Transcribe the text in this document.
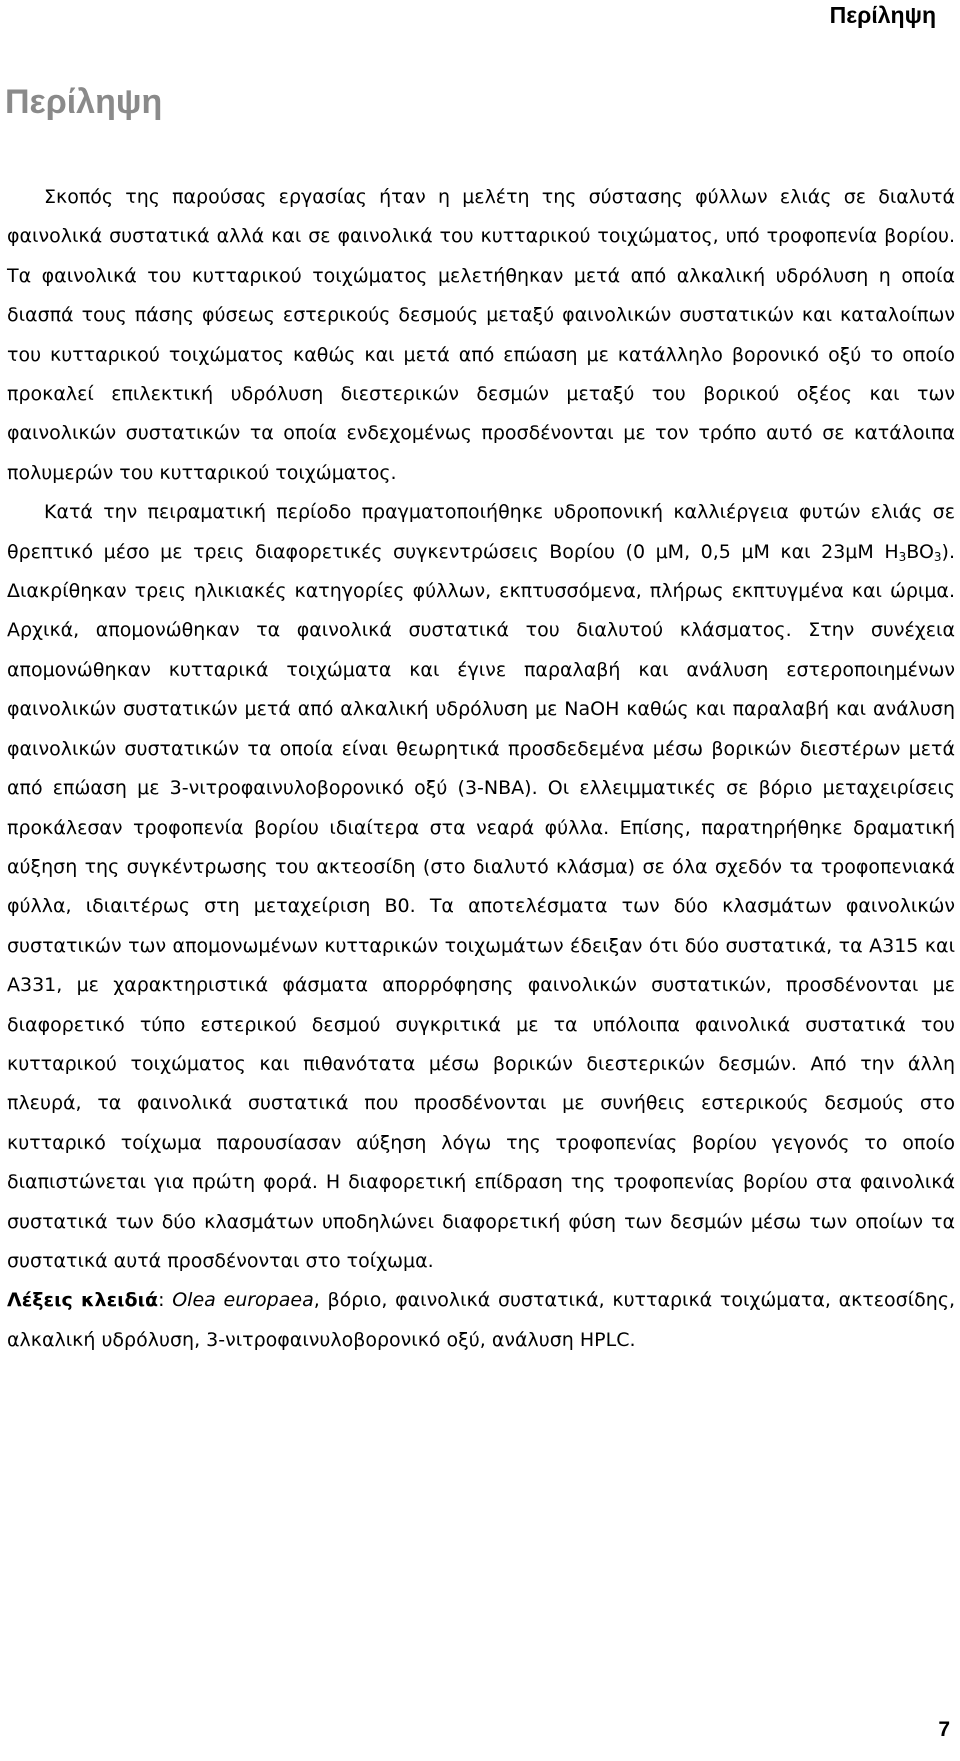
Περίληψη
Περίληψη

Σκοπός της παρούσας εργασίας ήταν η μελέτη της σύστασης φύλλων ελιάς σε διαλυτά φαινολικά συστατικά αλλά και σε φαινολικά του κυτταρικού τοιχώματος, υπό τροφοπενία βορίου. Τα φαινολικά του κυτταρικού τοιχώματος μελετήθηκαν μετά από αλκαλική υδρόλυση η οποία διασπά τους πάσης φύσεως εστερικούς δεσμούς μεταξύ φαινολικών συστατικών και καταλοίπων του κυτταρικού τοιχώματος καθώς και μετά από επώαση με κατάλληλο βορονικό οξύ το οποίο προκαλεί επιλεκτική υδρόλυση διεστερικών δεσμών μεταξύ του βορικού οξέος και των φαινολικών συστατικών τα οποία ενδεχομένως προσδένονται με τον τρόπο αυτό σε κατάλοιπα πολυμερών του κυτταρικού τοιχώματος.

Κατά την πειραματική περίοδο πραγματοποιήθηκε υδροπονική καλλιέργεια φυτών ελιάς σε θρεπτικό μέσο με τρεις διαφορετικές συγκεντρώσεις Βορίου (0 μM, 0,5 μM και 23μM $H_3BO_3$). Διακρίθηκαν τρεις ηλικιακές κατηγορίες φύλλων, εκπτυσσόμενα, πλήρως εκπτυγμένα και ώριμα. Αρχικά, απομονώθηκαν τα φαινολικά συστατικά του διαλυτού κλάσματος. Στην συνέχεια απομονώθηκαν κυτταρικά τοιχώματα και έγινε παραλαβή και ανάλυση εστεροποιημένων φαινολικών συστατικών μετά από αλκαλική υδρόλυση με NaOH καθώς και παραλαβή και ανάλυση φαινολικών συστατικών τα οποία είναι θεωρητικά προσδεδεμένα μέσω βορικών διεστέρων μετά από επώαση με 3-νιτροφαινυλοβορονικό οξύ (3-NBA). Οι ελλειμματικές σε βόριο μεταχειρίσεις προκάλεσαν τροφοπενία βορίου ιδιαίτερα στα νεαρά φύλλα. Επίσης, παρατηρήθηκε δραματική αύξηση της συγκέντρωσης του ακτεοσίδη (στο διαλυτό κλάσμα) σε όλα σχεδόν τα τροφοπενιακά φύλλα, ιδιαιτέρως στη μεταχείριση Β0. Τα αποτελέσματα των δύο κλασμάτων φαινολικών συστατικών των απομονωμένων κυτταρικών τοιχωμάτων έδειξαν ότι δύο συστατικά, τα Α315 και Α331, με χαρακτηριστικά φάσματα απορρόφησης φαινολικών συστατικών, προσδένονται με διαφορετικό τύπο εστερικού δεσμού συγκριτικά με τα υπόλοιπα φαινολικά συστατικά του κυτταρικού τοιχώματος και πιθανότατα μέσω βορικών διεστερικών δεσμών. Από την άλλη πλευρά, τα φαινολικά συστατικά που προσδένονται με συνήθεις εστερικούς δεσμούς στο κυτταρικό τοίχωμα παρουσίασαν αύξηση λόγω της τροφοπενίας βορίου γεγονός το οποίο διαπιστώνεται για πρώτη φορά. Η διαφορετική επίδραση της τροφοπενίας βορίου στα φαινολικά συστατικά των δύο κλασμάτων υποδηλώνει διαφορετική φύση των δεσμών μέσω των οποίων τα συστατικά αυτά προσδένονται στο τοίχωμα.

Λέξεις κλειδιά: Olea europaea, βόριο, φαινολικά συστατικά, κυτταρικά τοιχώματα, ακτεοσίδης, αλκαλική υδρόλυση, 3-νιτροφαινυλοβορονικό οξύ, ανάλυση HPLC.

7
